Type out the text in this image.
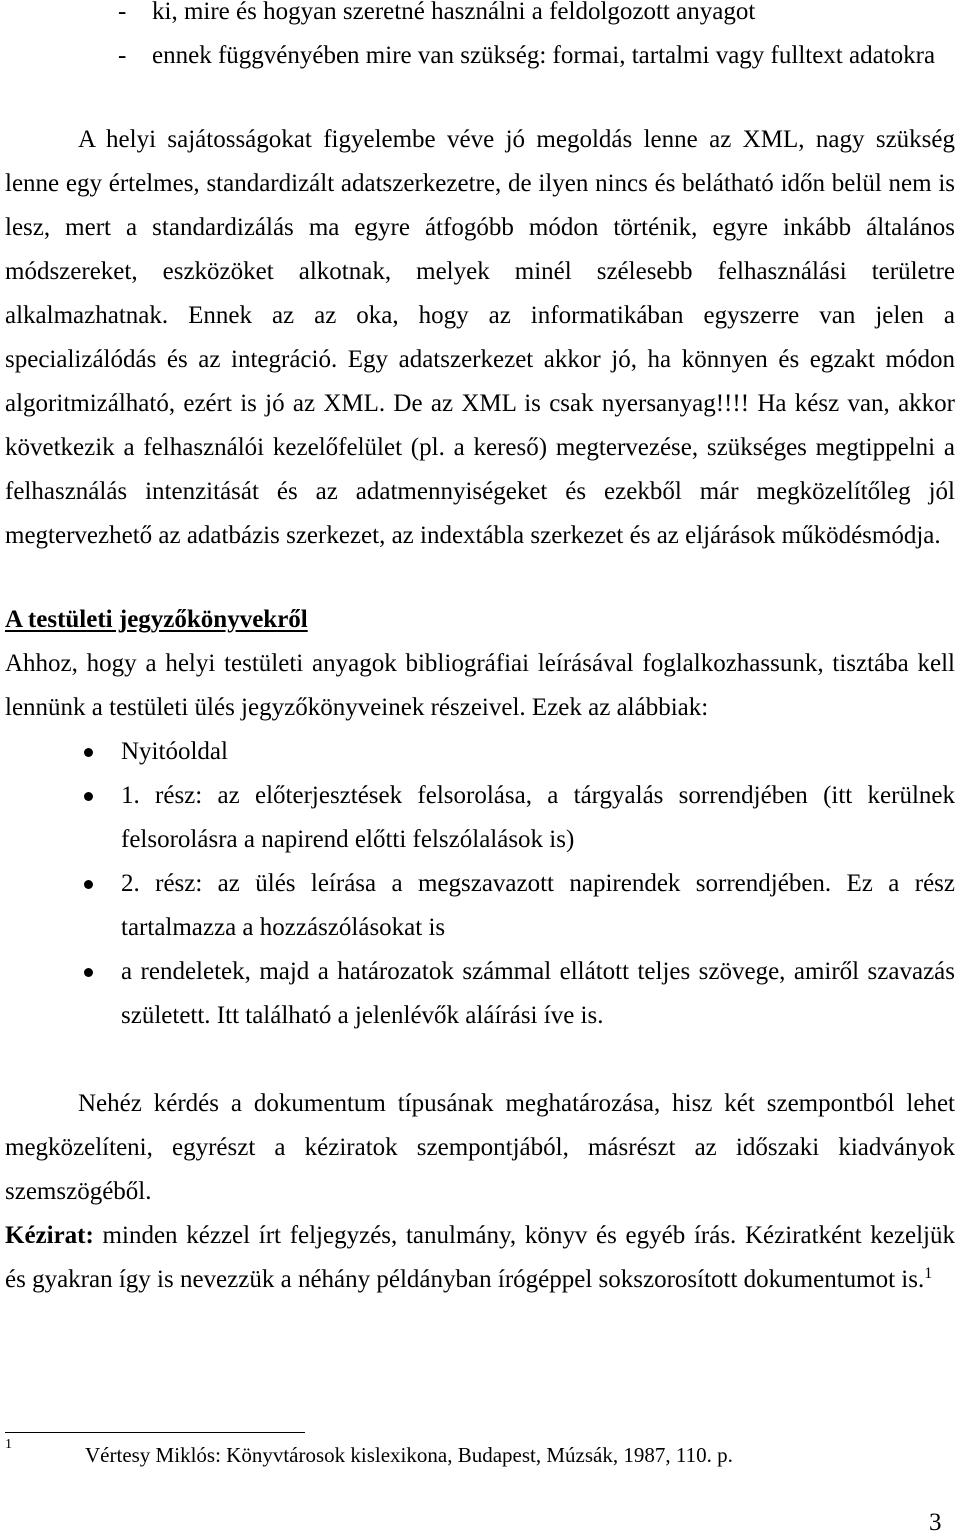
- ki, mire és hogyan szeretné használni a feldolgozott anyagot
- ennek függvényében mire van szükség: formai, tartalmi vagy fulltext adatokra
A helyi sajátosságokat figyelembe véve jó megoldás lenne az XML, nagy szükség
lenne egy értelmes, standardizált adatszerkezetre, de ilyen nincs és belátható időn belül nem is
lesz, mert a standardizálás ma egyre átfogóbb módon történik, egyre inkább általános
módszereket, eszközöket alkotnak, melyek minél szélesebb felhasználási területre
alkalmazhatnak. Ennek az az oka, hogy az informatikában egyszerre van jelen a
specializálódás és az integráció. Egy adatszerkezet akkor jó, ha könnyen és egzakt módon
algoritmizálható, ezért is jó az XML. De az XML is csak nyersanyag!!!! Ha kész van, akkor
következik a felhasználói kezelőfelület (pl. a kereső) megtervezése, szükséges megtippelni a
felhasználás intenzitását és az adatmennyiségeket és ezekből már megközelítőleg jól
megtervezhető az adatbázis szerkezet, az indextábla szerkezet és az eljárások működésmódja.
A testületi jegyzőkönyvekről
Ahhoz, hogy a helyi testületi anyagok bibliográfiai leírásával foglalkozhassunk, tisztába kell
lennünk a testületi ülés jegyzőkönyveinek részeivel. Ezek az alábbiak:
Nyitóoldal
1. rész: az előterjesztések felsorolása, a tárgyalás sorrendjében (itt kerülnek
felsorolásra a napirend előtti felszólalások is)
2. rész: az ülés leírása a megszavazott napirendek sorrendjében. Ez a rész
tartalmazza a hozzászólásokat is
a rendeletek, majd a határozatok számmal ellátott teljes szövege, amiről szavazás
született. Itt található a jelenlévők aláírási íve is.
Nehéz kérdés a dokumentum típusának meghatározása, hisz két szempontból lehet
megközelíteni, egyrészt a kéziratok szempontjából, másrészt az időszaki kiadványok
szemszögéből.
Kézirat: minden kézzel írt feljegyzés, tanulmány, könyv és egyéb írás. Kéziratként kezeljük
és gyakran így is nevezzük a néhány példányban írógéppel sokszorosított dokumentumot is.$^1$
1	Vértesy Miklós: Könyvtárosok kislexikona, Budapest, Múzsák, 1987, 110. p.
3
